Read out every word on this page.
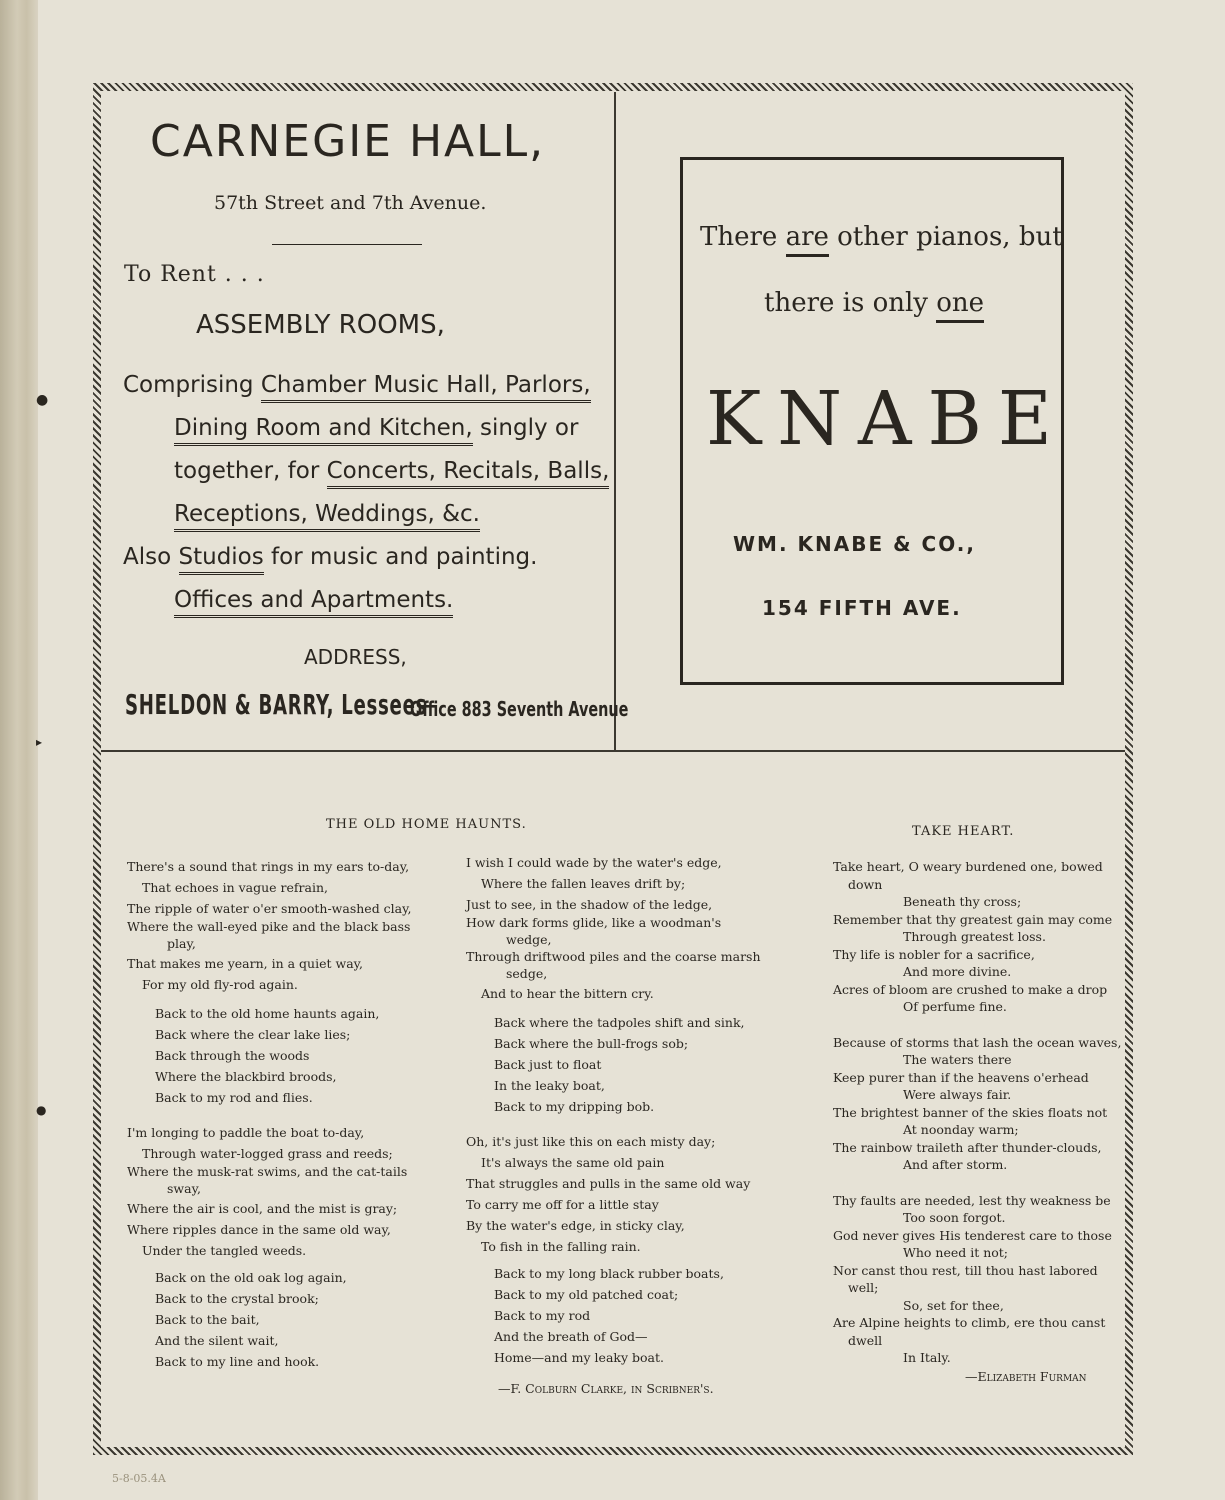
●
▸
●
CARNEGIE HALL,
57th Street and 7th Avenue.
To Rent . . .
ASSEMBLY ROOMS,
Comprising Chamber Music Hall, Parlors,
Dining Room and Kitchen, singly or
together, for Concerts, Recitals, Balls,
Receptions, Weddings, &c.
Also Studios for music and painting.
Offices and Apartments.
ADDRESS,
SHELDON & BARRY, Lessees
Office 883 Seventh Avenue
There are other pianos, but
there is only one
KNABE
WM. KNABE & CO.,
154 FIFTH AVE.
THE OLD HOME HAUNTS.
There's a sound that rings in my ears to-day,
That echoes in vague refrain,
The ripple of water o'er smooth-washed clay,
Where the wall-eyed pike and the black bass
play,
That makes me yearn, in a quiet way,
For my old fly-rod again.
Back to the old home haunts again,
Back where the clear lake lies;
Back through the woods
Where the blackbird broods,
Back to my rod and flies.
I'm longing to paddle the boat to-day,
Through water-logged grass and reeds;
Where the musk-rat swims, and the cat-tails
sway,
Where the air is cool, and the mist is gray;
Where ripples dance in the same old way,
Under the tangled weeds.
Back on the old oak log again,
Back to the crystal brook;
Back to the bait,
And the silent wait,
Back to my line and hook.
I wish I could wade by the water's edge,
Where the fallen leaves drift by;
Just to see, in the shadow of the ledge,
How dark forms glide, like a woodman's
wedge,
Through driftwood piles and the coarse marsh
sedge,
And to hear the bittern cry.
Back where the tadpoles shift and sink,
Back where the bull-frogs sob;
Back just to float
In the leaky boat,
Back to my dripping bob.
Oh, it's just like this on each misty day;
It's always the same old pain
That struggles and pulls in the same old way
To carry me off for a little stay
By the water's edge, in sticky clay,
To fish in the falling rain.
Back to my long black rubber boats,
Back to my old patched coat;
Back to my rod
And the breath of God—
Home—and my leaky boat.
—F. Colburn Clarke, in Scribner's.
TAKE HEART.
Take heart, O weary burdened one, bowed
down
Beneath thy cross;
Remember that thy greatest gain may come
Through greatest loss.
Thy life is nobler for a sacrifice,
And more divine.
Acres of bloom are crushed to make a drop
Of perfume fine.
Because of storms that lash the ocean waves,
The waters there
Keep purer than if the heavens o'erhead
Were always fair.
The brightest banner of the skies floats not
At noonday warm;
The rainbow traileth after thunder-clouds,
And after storm.
Thy faults are needed, lest thy weakness be
Too soon forgot.
God never gives His tenderest care to those
Who need it not;
Nor canst thou rest, till thou hast labored
well;
So, set for thee,
Are Alpine heights to climb, ere thou canst
dwell
In Italy.
—Elizabeth Furman
5-8-05.4A
